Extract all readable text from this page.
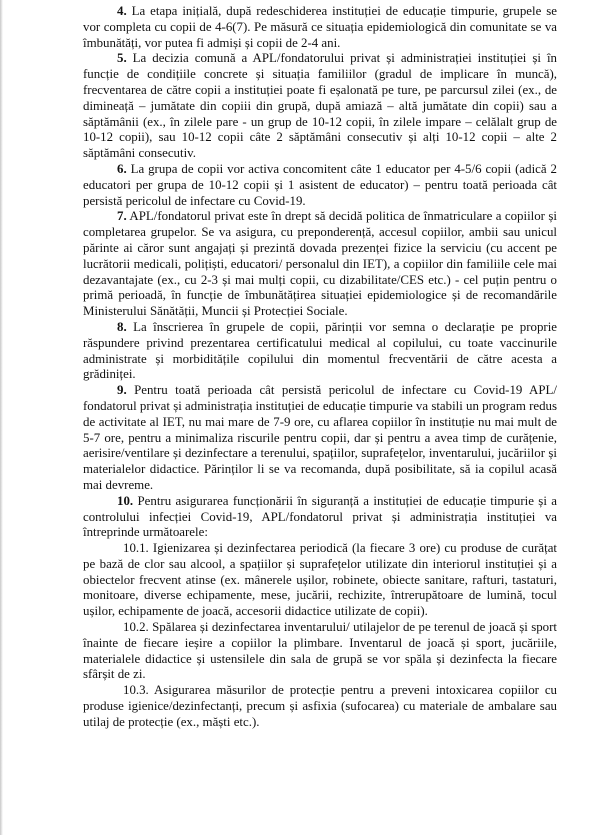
4. La etapa inițială, după redeschiderea instituției de educație timpurie, grupele se vor completa cu copii de 4-6(7). Pe măsură ce situația epidemiologică din comunitate se va îmbunătăți, vor putea fi admiși și copii de 2-4 ani.

5. La decizia comună a APL/fondatorului privat și administrației instituției și în funcție de condițiile concrete și situația familiilor (gradul de implicare în muncă), frecventarea de către copii a instituției poate fi eșalonată pe ture, pe parcursul zilei (ex., de dimineață – jumătate din copiii din grupă, după amiază – altă jumătate din copii) sau a săptămânii (ex., în zilele pare - un grup de 10-12 copii, în zilele impare – celălalt grup de 10-12 copii), sau 10-12 copii câte 2 săptămâni consecutiv și alți 10-12 copii – alte 2 săptămâni consecutiv.

6. La grupa de copii vor activa concomitent câte 1 educator per 4-5/6 copii (adică 2 educatori per grupa de 10-12 copii și 1 asistent de educator) – pentru toată perioada cât persistă pericolul de infectare cu Covid-19.

7. APL/fondatorul privat este în drept să decidă politica de înmatriculare a copiilor și completarea grupelor. Se va asigura, cu preponderență, accesul copiilor, ambii sau unicul părinte ai căror sunt angajați și prezintă dovada prezenței fizice la serviciu (cu accent pe lucrătorii medicali, polițiști, educatori/ personalul din IET), a copiilor din familiile cele mai dezavantajate (ex., cu 2-3 și mai mulți copii, cu dizabilitate/CES etc.) - cel puțin pentru o primă perioadă, în funcție de îmbunătățirea situației epidemiologice și de recomandările Ministerului Sănătății, Muncii și Protecției Sociale.

8. La înscrierea în grupele de copii, părinții vor semna o declarație pe proprie răspundere privind prezentarea certificatului medical al copilului, cu toate vaccinurile administrate și morbiditățile copilului din momentul frecventării de către acesta a grădiniței.

9. Pentru toată perioada cât persistă pericolul de infectare cu Covid-19 APL/ fondatorul privat și administrația instituției de educație timpurie va stabili un program redus de activitate al IET, nu mai mare de 7-9 ore, cu aflarea copiilor în instituție nu mai mult de 5-7 ore, pentru a minimaliza riscurile pentru copii, dar și pentru a avea timp de curățenie, aerisire/ventilare și dezinfectare a terenului, spațiilor, suprafețelor, inventarului, jucăriilor și materialelor didactice. Părinților li se va recomanda, după posibilitate, să ia copilul acasă mai devreme.

10. Pentru asigurarea funcționării în siguranță a instituției de educație timpurie și a controlului infecției Covid-19, APL/fondatorul privat și administrația instituției va întreprinde următoarele:

10.1. Igienizarea și dezinfectarea periodică (la fiecare 3 ore) cu produse de curățat pe bază de clor sau alcool, a spațiilor și suprafețelor utilizate din interiorul instituției și a obiectelor frecvent atinse (ex. mânerele ușilor, robinete, obiecte sanitare, rafturi, tastaturi, monitoare, diverse echipamente, mese, jucării, rechizite, întrerupătoare de lumină, tocul ușilor, echipamente de joacă, accesorii didactice utilizate de copii).

10.2. Spălarea și dezinfectarea inventarului/ utilajelor de pe terenul de joacă și sport înainte de fiecare ieșire a copiilor la plimbare. Inventarul de joacă și sport, jucăriile, materialele didactice și ustensilele din sala de grupă se vor spăla și dezinfecta la fiecare sfârșit de zi.

10.3. Asigurarea măsurilor de protecție pentru a preveni intoxicarea copiilor cu produse igienice/dezinfectanți, precum și asfixia (sufocarea) cu materiale de ambalare sau utilaj de protecție (ex., măști etc.).
